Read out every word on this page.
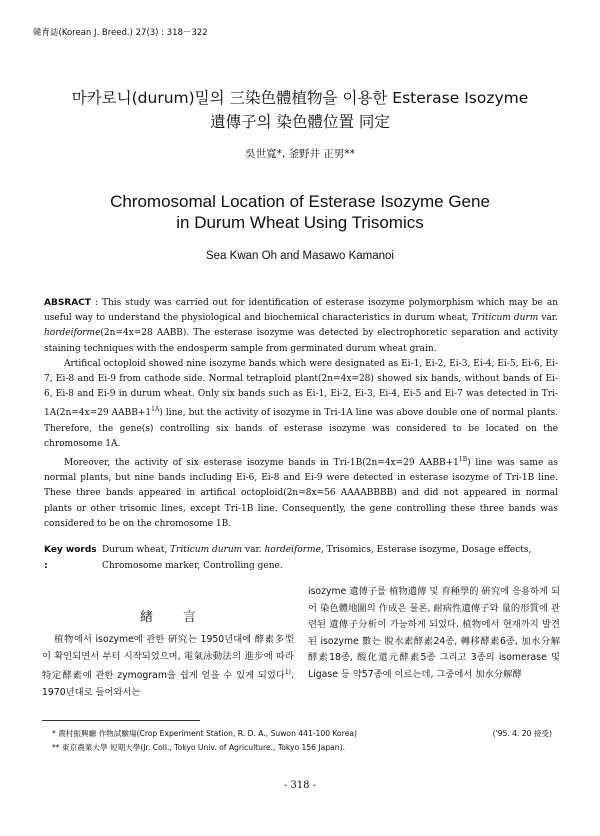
韓育誌(Korean J. Breed.) 27(3) : 318－322
마카로니(durum)밀의 三染色體植物을 이용한 Esterase Isozyme
遺傳子의 染色體位置 同定
吳世寬*, 釜野井 正男**
Chromosomal Location of Esterase Isozyme Gene
in Durum Wheat Using Trisomics
Sea Kwan Oh and Masawo Kamanoi

ABSRACT : This study was carried out for identification of esterase isozyme polymorphism which may be an useful way to understand the physiological and biochemical characteristics in durum wheat, Triticum durm var. hordeiforme(2n=4x=28 AABB). The esterase isozyme was detected by electrophoretic separation and activity staining techniques with the endosperm sample from germinated durum wheat grain.

Artifical octoploid showed nine isozyme bands which were designated as Ei-1, Ei-2, Ei-3, Ei-4, Ei-5, Ei-6, Ei-7, Ei-8 and Ei-9 from cathode side. Normal tetraploid plant(2n=4x=28) showed six bands, without bands of Ei-6, Ei-8 and Ei-9 in durum wheat. Only six bands such as Ei-1, Ei-2, Ei-3, Ei-4, Ei-5 and Ei-7 was detected in Tri-1A(2n=4x=29 $AABB+1^{1A}$) line, but the activity of isozyme in Tri-1A line was above double one of normal plants. Therefore, the gene(s) controlling six bands of esterase isozyme was considered to be located on the chromosome 1A.

Moreover, the activity of six esterase isozyme bands in Tri-1B(2n=4x=29 $AABB+1^{1B}$) line was same as normal plants, but nine bands including Ei-6, Ei-8 and Ei-9 were detected in esterase isozyme of Tri-1B line. These three bands appeared in artifical octoploid(2n=8x=56 AAAABBBB) and did not appeared in normal plants or other trisomic lines, except Tri-1B line. Consequently, the gene controlling these three bands was considered to be on the chromosome 1B.

Key words :
Durum wheat, Triticum durum var. hordeiforme, Trisomics, Esterase isozyme, Dosage effects, Chromosome marker, Controlling gene.
緖言

植物에서 isozyme에 관한 硏究는 1950년대에 酵素多型이 확인되면서 부터 시작되었으며, 電氣泳動法의 進步에 따라 特定酵素에 관한 zymogram을 쉽게 얻을 수 있게 되었다$^{1)}$. 1970년대로 들어와서는

isozyme 遺傳子를 植物遺傳 및 育種學的 硏究에 응용하게 되어 染色體地圖의 作成은 물론, 耐病性遺傳子와 量的形質에 관련된 遺傳子分析이 가능하게 되었다. 植物에서 현재까지 발견된 isozyme 數는 脫水素酵素24종, 轉移酵素6종, 加水分解酵素18종, 酸化還元酵素5종 그리고 3종의 isomerase 및 Ligase 등 약57종에 이르는데, 그중에서 加水分解酵

* 農村振興廳 作物試驗場(Crop Experiment Station, R. D. A., Suwon 441-100 Korea)
** 東京農業大學 短期大學(Jr. Coll., Tokyo Univ. of Agriculture., Tokyo 156 Japan).
('95. 4. 20 接受)
- 318 -
